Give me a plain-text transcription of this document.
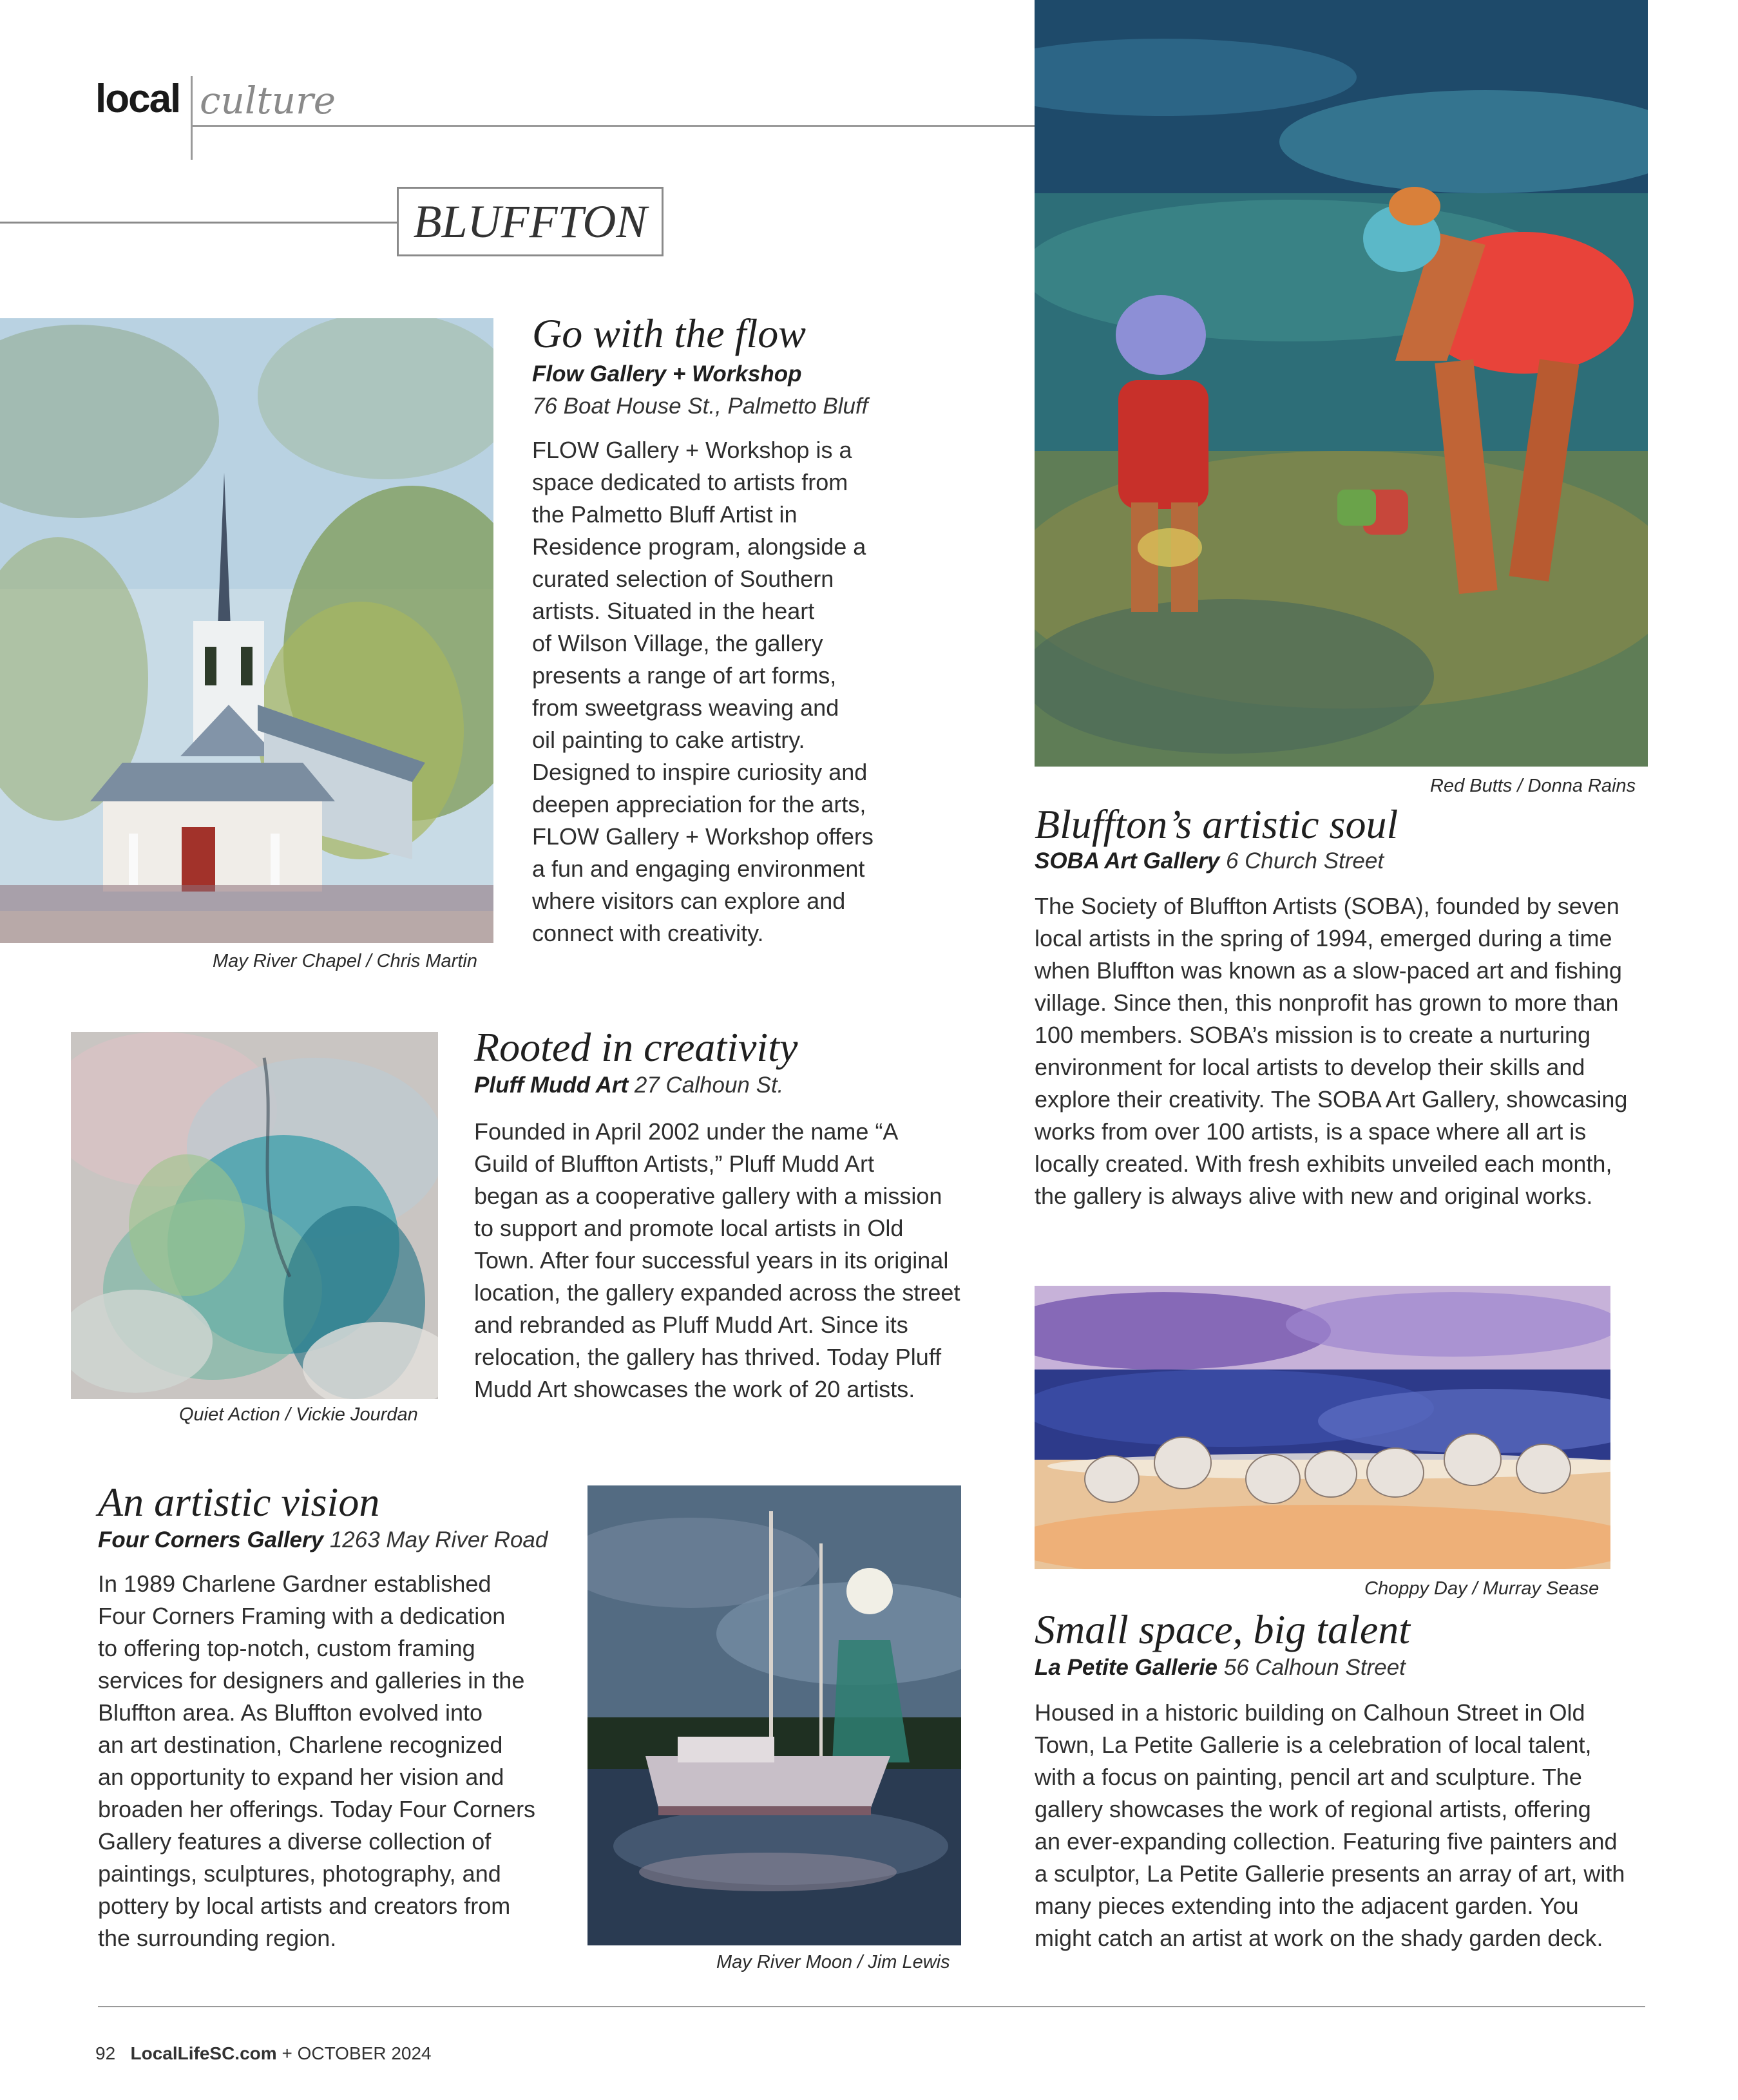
local culture
BLUFFTON
May River Chapel / Chris Martin
Go with the flow
Flow Gallery + Workshop
76 Boat House St., Palmetto Bluff
FLOW Gallery + Workshop is a
space dedicated to artists from
the Palmetto Bluff Artist in
Residence program, alongside a
curated selection of Southern
artists. Situated in the heart
of Wilson Village, the gallery
presents a range of art forms,
from sweetgrass weaving and
oil painting to cake artistry.
Designed to inspire curiosity and
deepen appreciation for the arts,
FLOW Gallery + Workshop offers
a fun and engaging environment
where visitors can explore and
connect with creativity.
Quiet Action / Vickie Jourdan
Rooted in creativity
Pluff Mudd Art 27 Calhoun St.
Founded in April 2002 under the name “A
Guild of Bluffton Artists,” Pluff Mudd Art
began as a cooperative gallery with a mission
to support and promote local artists in Old
Town. After four successful years in its original
location, the gallery expanded across the street
and rebranded as Pluff Mudd Art. Since its
relocation, the gallery has thrived. Today Pluff
Mudd Art showcases the work of 20 artists.
An artistic vision
Four Corners Gallery 1263 May River Road
In 1989 Charlene Gardner established
Four Corners Framing with a dedication
to offering top-notch, custom framing
services for designers and galleries in the
Bluffton area. As Bluffton evolved into
an art destination, Charlene recognized
an opportunity to expand her vision and
broaden her offerings. Today Four Corners
Gallery features a diverse collection of
paintings, sculptures, photography, and
pottery by local artists and creators from
the surrounding region.
May River Moon / Jim Lewis
Red Butts / Donna Rains
Bluffton’s artistic soul
SOBA Art Gallery 6 Church Street
The Society of Bluffton Artists (SOBA), founded by seven
local artists in the spring of 1994, emerged during a time
when Bluffton was known as a slow-paced art and fishing
village. Since then, this nonprofit has grown to more than
100 members. SOBA’s mission is to create a nurturing
environment for local artists to develop their skills and
explore their creativity. The SOBA Art Gallery, showcasing
works from over 100 artists, is a space where all art is
locally created. With fresh exhibits unveiled each month,
the gallery is always alive with new and original works.
Choppy Day / Murray Sease
Small space, big talent
La Petite Gallerie 56 Calhoun Street
Housed in a historic building on Calhoun Street in Old
Town, La Petite Gallerie is a celebration of local talent,
with a focus on painting, pencil art and sculpture. The
gallery showcases the work of regional artists, offering
an ever-expanding collection. Featuring five painters and
a sculptor, La Petite Gallerie presents an array of art, with
many pieces extending into the adjacent garden. You
might catch an artist at work on the shady garden deck.
92 LocalLifeSC.com + OCTOBER 2024
